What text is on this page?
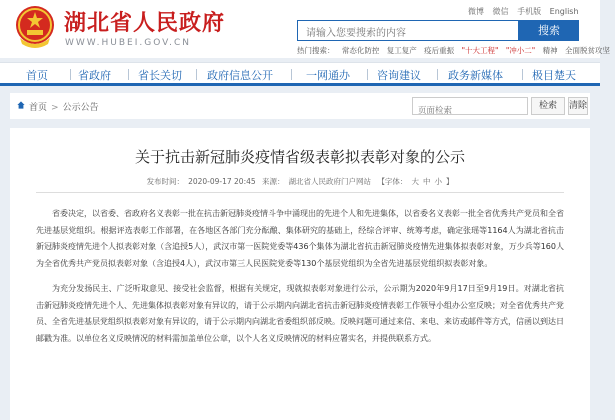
湖北省人民政府
WWW.HUBEI.GOV.CN
微博 微信 手机版 English
请输入您要搜索的内容
搜索
热门搜索： 常态化防控 复工复产 疫后重振 "十大工程" "冲小二" 精神 全面脱贫攻坚
首页	省政府 省长关切 政府信息公开	一网通办 咨询建议 政务新媒体	极目楚天
首页 > 公示公告
页面检索	检索	清除
关于抗击新冠肺炎疫情省级表彰拟表彰对象的公示
发布时间： 2020-09-17 20:45 来源： 湖北省人民政府门户网站 【字体： 大 中 小 】

省委决定，以省委、省政府名义表彰一批在抗击新冠肺炎疫情斗争中涌现出的先进个人和先进集体，以省委名义表彰一批全省优秀共产党员和全省先进基层党组织。根据评选表彰工作部署，在各地区各部门充分酝酿、集体研究的基础上，经综合评审、统筹考虑，确定张瑶等1164人为湖北省抗击新冠肺炎疫情先进个人拟表彰对象（含追授5人），武汉市第一医院党委等436个集体为湖北省抗击新冠肺炎疫情先进集体拟表彰对象，万少兵等160人为全省优秀共产党员拟表彰对象（含追授4人），武汉市第三人民医院党委等130个基层党组织为全省先进基层党组织拟表彰对象。

为充分发扬民主、广泛听取意见、接受社会监督，根据有关规定，现就拟表彰对象进行公示，公示期为2020年9月17日至9月19日。对湖北省抗击新冠肺炎疫情先进个人、先进集体拟表彰对象有异议的，请于公示期内向湖北省抗击新冠肺炎疫情表彰工作领导小组办公室反映；对全省优秀共产党员、全省先进基层党组织拟表彰对象有异议的，请于公示期内向湖北省委组织部反映。反映问题可通过来信、来电、来访或邮件等方式，信函以到达日邮戳为准。以单位名义反映情况的材料需加盖单位公章，以个人名义反映情况的材料应署实名，并提供联系方式。
